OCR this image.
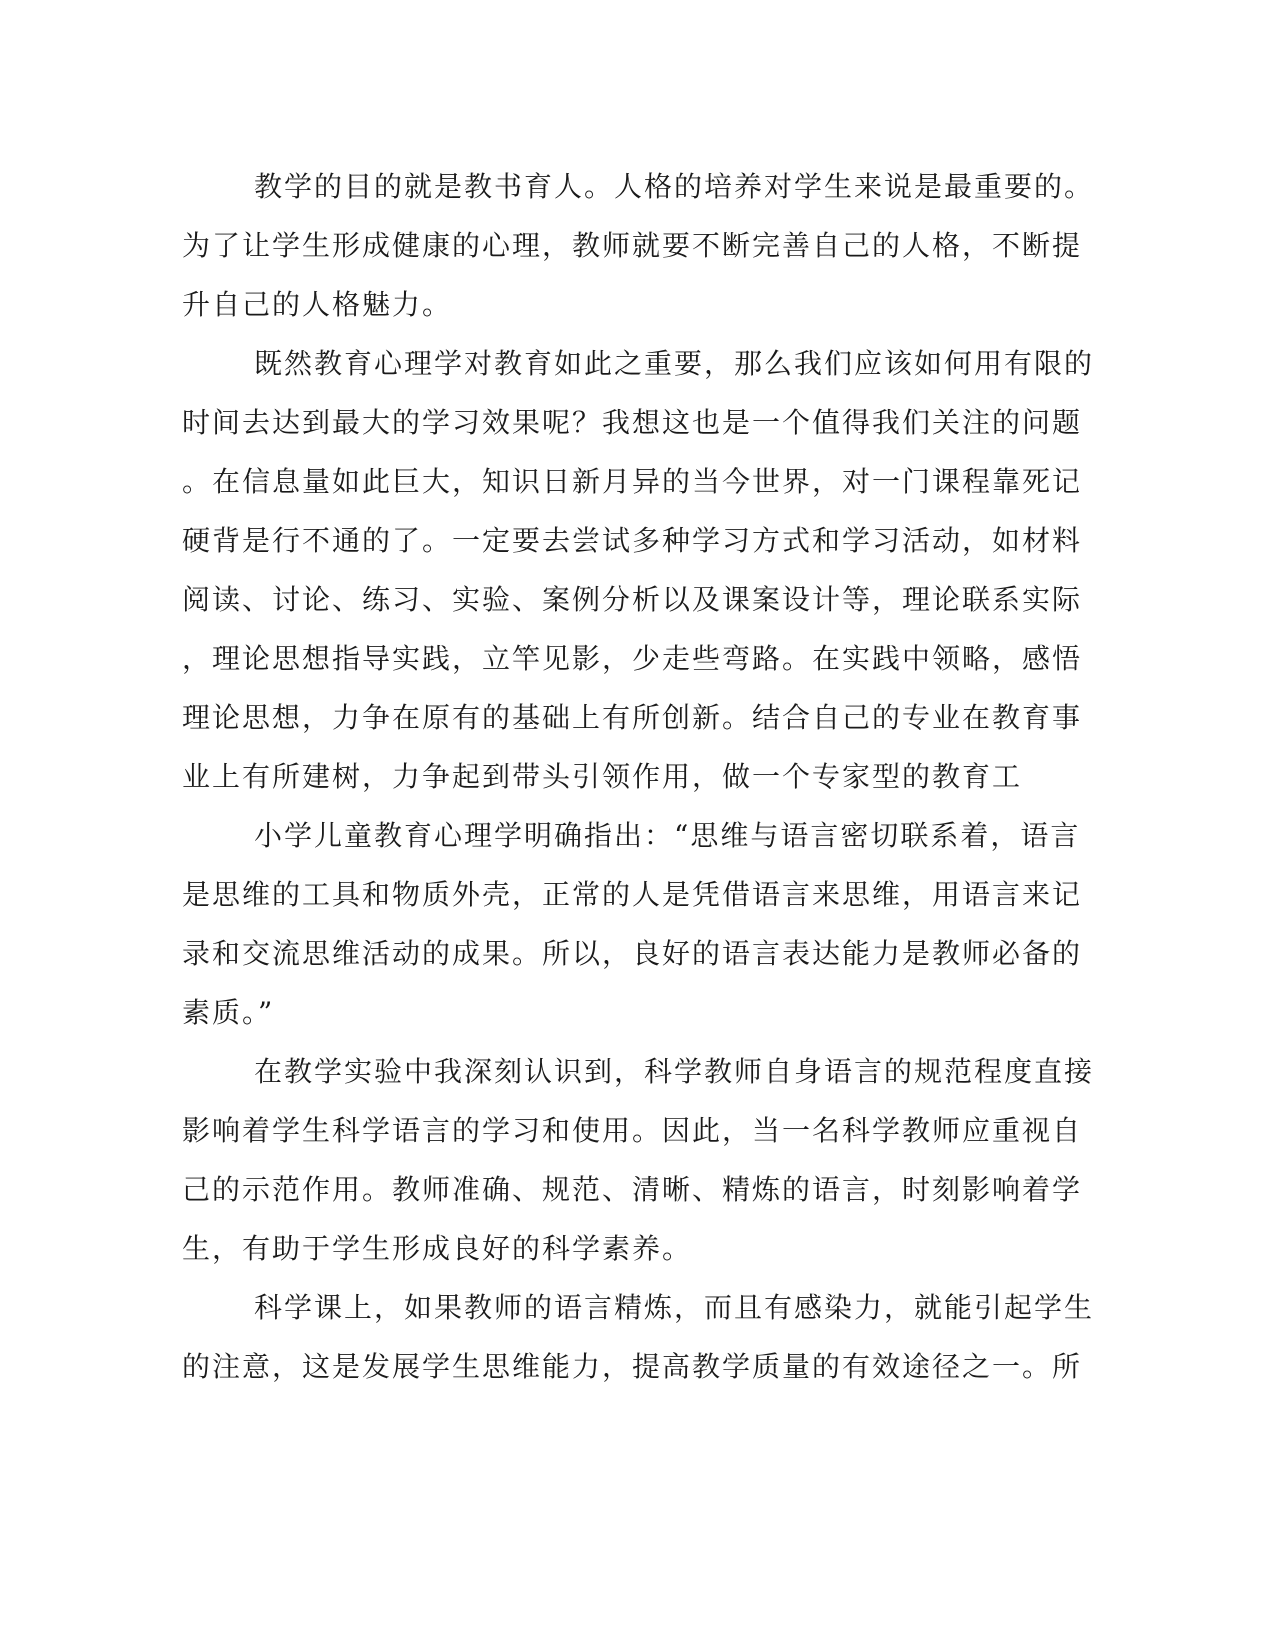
教学的目的就是教书育人。人格的培养对学生来说是最重要的。
为了让学生形成健康的心理，教师就要不断完善自己的人格，不断提
升自己的人格魅力。
既然教育心理学对教育如此之重要，那么我们应该如何用有限的
时间去达到最大的学习效果呢？我想这也是一个值得我们关注的问题
。在信息量如此巨大，知识日新月异的当今世界，对一门课程靠死记
硬背是行不通的了。一定要去尝试多种学习方式和学习活动，如材料
阅读、讨论、练习、实验、案例分析以及课案设计等，理论联系实际
，理论思想指导实践，立竿见影，少走些弯路。在实践中领略，感悟
理论思想，力争在原有的基础上有所创新。结合自己的专业在教育事
业上有所建树，力争起到带头引领作用，做一个专家型的教育工
小学儿童教育心理学明确指出：“思维与语言密切联系着，语言
是思维的工具和物质外壳，正常的人是凭借语言来思维，用语言来记
录和交流思维活动的成果。所以，良好的语言表达能力是教师必备的
素质。”
在教学实验中我深刻认识到，科学教师自身语言的规范程度直接
影响着学生科学语言的学习和使用。因此，当一名科学教师应重视自
己的示范作用。教师准确、规范、清晰、精炼的语言，时刻影响着学
生，有助于学生形成良好的科学素养。
科学课上，如果教师的语言精炼，而且有感染力，就能引起学生
的注意，这是发展学生思维能力，提高教学质量的有效途径之一。所
